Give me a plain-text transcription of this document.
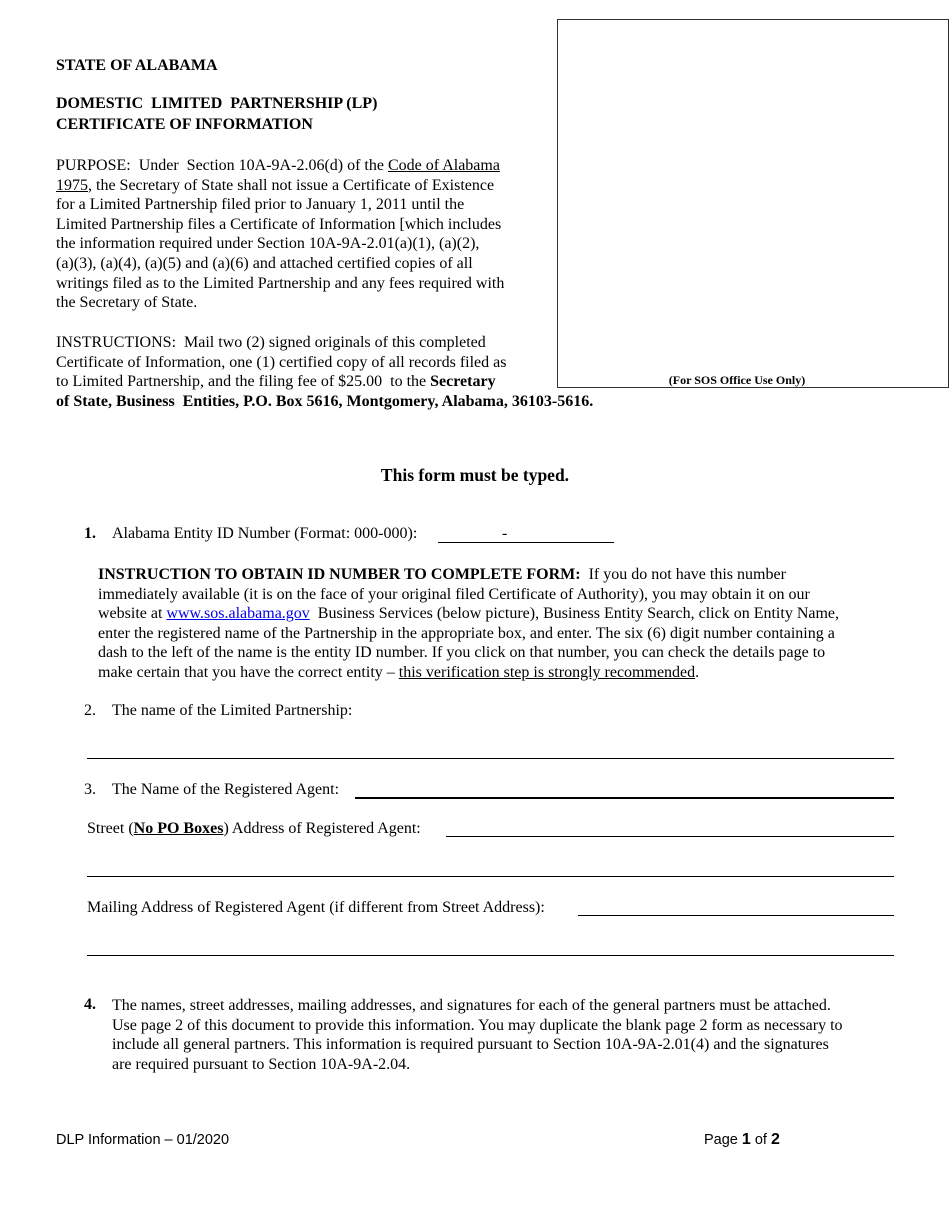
(For SOS Office Use Only)
STATE OF ALABAMA
DOMESTIC  LIMITED  PARTNERSHIP (LP)
CERTIFICATE OF INFORMATION
PURPOSE:  Under  Section 10A-9A-2.06(d) of the Code of Alabama
1975, the Secretary of State shall not issue a Certificate of Existence
for a Limited Partnership filed prior to January 1, 2011 until the
Limited Partnership files a Certificate of Information [which includes
the information required under Section 10A-9A-2.01(a)(1), (a)(2),
(a)(3), (a)(4), (a)(5) and (a)(6) and attached certified copies of all
writings filed as to the Limited Partnership and any fees required with
the Secretary of State.
INSTRUCTIONS:  Mail two (2) signed originals of this completed
Certificate of Information, one (1) certified copy of all records filed as
to Limited Partnership, and the filing fee of $25.00  to the Secretary
of State, Business  Entities, P.O. Box 5616, Montgomery, Alabama, 36103-5616.
This form must be typed.
1. Alabama Entity ID Number (Format: 000-000):	-
INSTRUCTION TO OBTAIN ID NUMBER TO COMPLETE FORM:  If you do not have this number
immediately available (it is on the face of your original filed Certificate of Authority), you may obtain it on our
website at www.sos.alabama.gov  Business Services (below picture), Business Entity Search, click on Entity Name,
enter the registered name of the Partnership in the appropriate box, and enter. The six (6) digit number containing a
dash to the left of the name is the entity ID number. If you click on that number, you can check the details page to
make certain that you have the correct entity – this verification step is strongly recommended.
2. The name of the Limited Partnership:
3. The Name of the Registered Agent:
Street (No PO Boxes) Address of Registered Agent:
Mailing Address of Registered Agent (if different from Street Address):
4. The names, street addresses, mailing addresses, and signatures for each of the general partners must be attached.
Use page 2 of this document to provide this information. You may duplicate the blank page 2 form as necessary to
include all general partners. This information is required pursuant to Section 10A-9A-2.01(4) and the signatures
are required pursuant to Section 10A-9A-2.04.
DLP Information – 01/2020	Page 1 of 2
